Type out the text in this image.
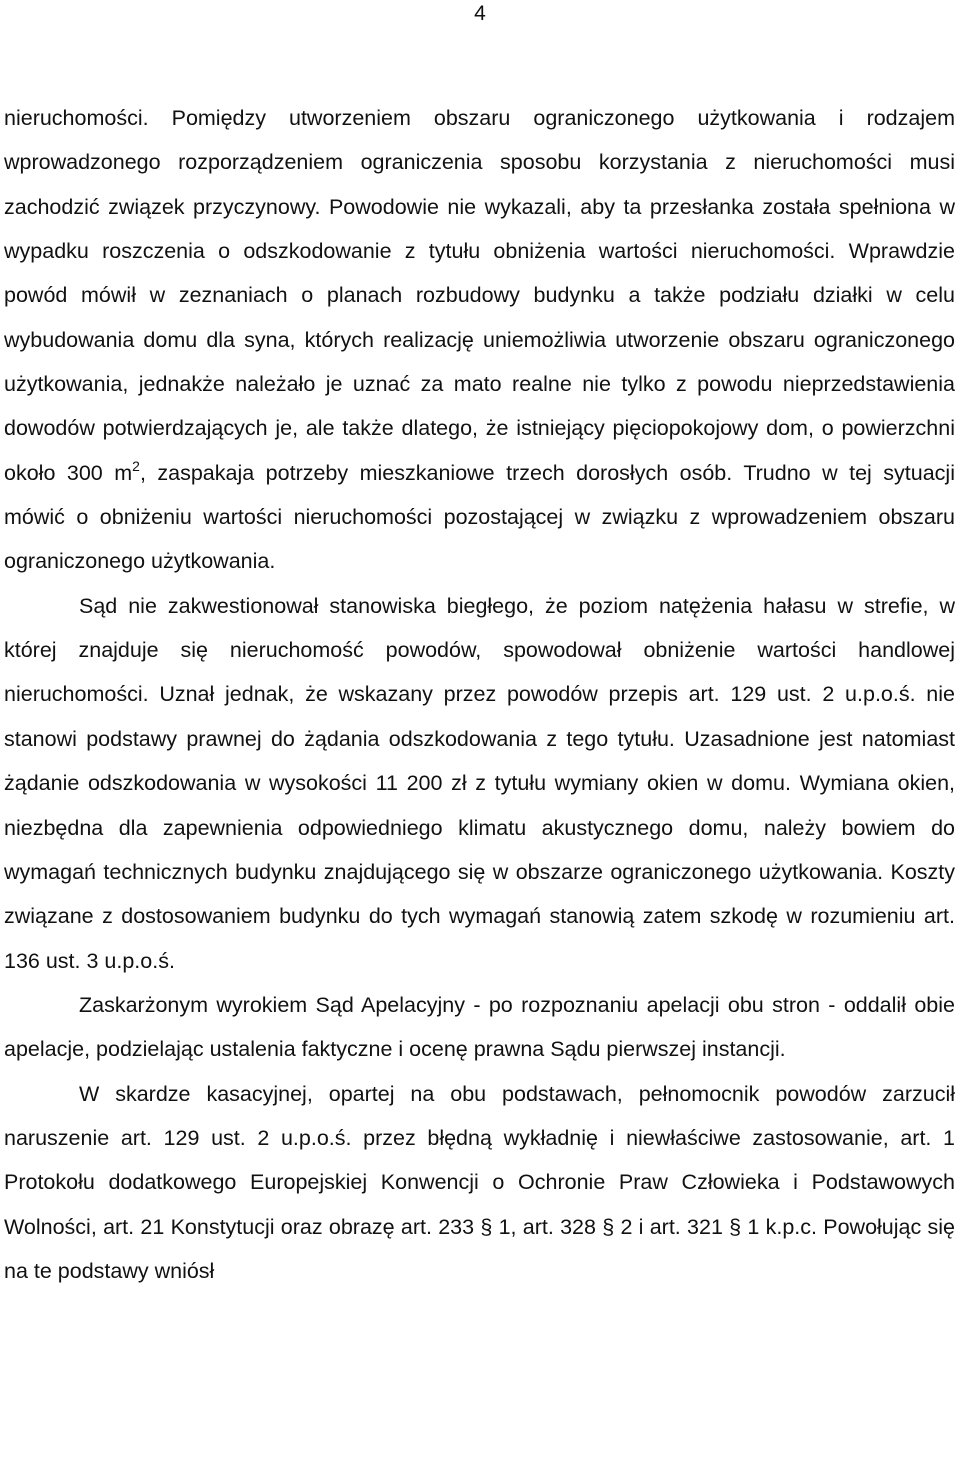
4

nieruchomości. Pomiędzy utworzeniem obszaru ograniczonego użytkowania i rodzajem wprowadzonego rozporządzeniem ograniczenia sposobu korzystania z nieruchomości musi zachodzić związek przyczynowy. Powodowie nie wykazali, aby ta przesłanka została spełniona w wypadku roszczenia o odszkodowanie z tytułu obniżenia wartości nieruchomości. Wprawdzie powód mówił w zeznaniach o planach rozbudowy budynku a także podziału działki w celu wybudowania domu dla syna, których realizację uniemożliwia utworzenie obszaru ograniczonego użytkowania, jednakże należało je uznać za mato realne nie tylko z powodu nieprzedstawienia dowodów potwierdzających je, ale także dlatego, że istniejący pięciopokojowy dom, o powierzchni około 300 $m^2$, zaspakaja potrzeby mieszkaniowe trzech dorosłych osób. Trudno w tej sytuacji mówić o obniżeniu wartości nieruchomości pozostającej w związku z wprowadzeniem obszaru ograniczonego użytkowania.

Sąd nie zakwestionował stanowiska biegłego, że poziom natężenia hałasu w strefie, w której znajduje się nieruchomość powodów, spowodował obniżenie wartości handlowej nieruchomości. Uznał jednak, że wskazany przez powodów przepis art. 129 ust. 2 u.p.o.ś. nie stanowi podstawy prawnej do żądania odszkodowania z tego tytułu. Uzasadnione jest natomiast żądanie odszkodowania w wysokości 11 200 zł z tytułu wymiany okien w domu. Wymiana okien, niezbędna dla zapewnienia odpowiedniego klimatu akustycznego domu, należy bowiem do wymagań technicznych budynku znajdującego się w obszarze ograniczonego użytkowania. Koszty związane z dostosowaniem budynku do tych wymagań stanowią zatem szkodę w rozumieniu art. 136 ust. 3 u.p.o.ś.

Zaskarżonym wyrokiem Sąd Apelacyjny - po rozpoznaniu apelacji obu stron - oddalił obie apelacje, podzielając ustalenia faktyczne i ocenę prawna Sądu pierwszej instancji.

W skardze kasacyjnej, opartej na obu podstawach, pełnomocnik powodów zarzucił naruszenie art. 129 ust. 2 u.p.o.ś. przez błędną wykładnię i niewłaściwe zastosowanie, art. 1 Protokołu dodatkowego Europejskiej Konwencji o Ochronie Praw Człowieka i Podstawowych Wolności, art. 21 Konstytucji oraz obrazę art. 233 § 1, art. 328 § 2 i art. 321 § 1 k.p.c. Powołując się na te podstawy wniósł
